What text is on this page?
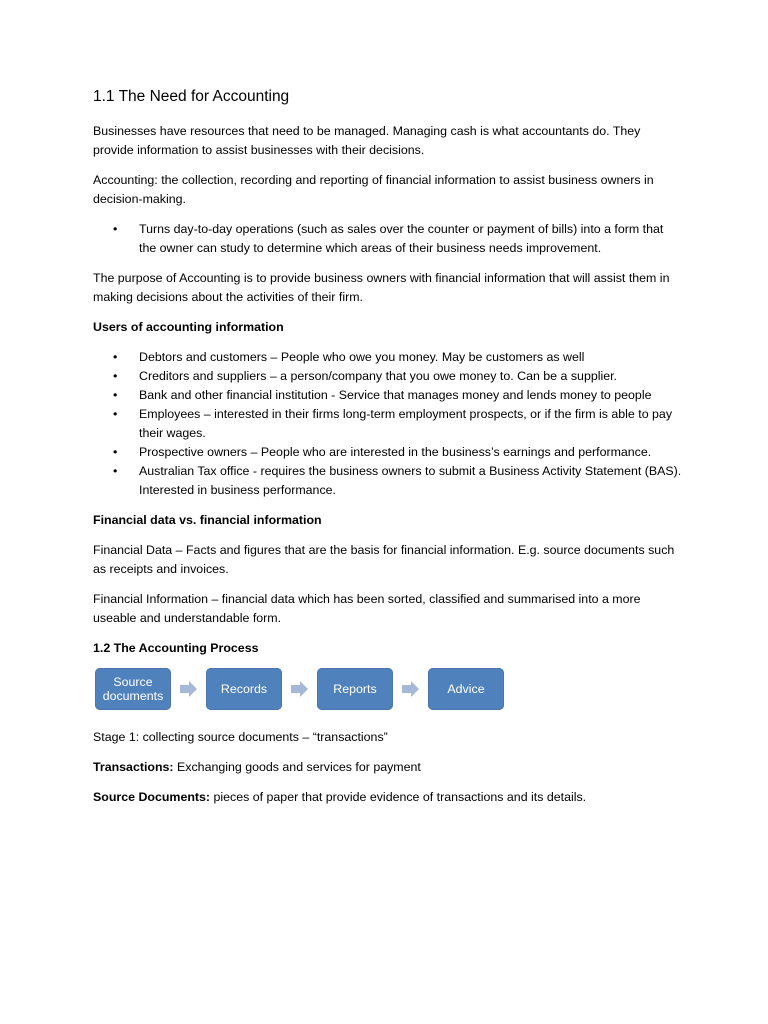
1.1 The Need for Accounting

Businesses have resources that need to be managed. Managing cash is what accountants do. They provide information to assist businesses with their decisions.

Accounting: the collection, recording and reporting of financial information to assist business owners in decision-making.

• Turns day-to-day operations (such as sales over the counter or payment of bills) into a form that the owner can study to determine which areas of their business needs improvement.

The purpose of Accounting is to provide business owners with financial information that will assist them in making decisions about the activities of their firm.

Users of accounting information

• Debtors and customers – People who owe you money. May be customers as well
• Creditors and suppliers – a person/company that you owe money to. Can be a supplier.
• Bank and other financial institution - Service that manages money and lends money to people
• Employees – interested in their firms long-term employment prospects, or if the firm is able to pay their wages.
• Prospective owners – People who are interested in the business’s earnings and performance.
• Australian Tax office - requires the business owners to submit a Business Activity Statement (BAS). Interested in business performance.

Financial data vs. financial information

Financial Data – Facts and figures that are the basis for financial information. E.g. source documents such as receipts and invoices.

Financial Information – financial data which has been sorted, classified and summarised into a more useable and understandable form.

1.2 The Accounting Process

Source documents	Records	Reports	Advice

Stage 1: collecting source documents – “transactions”

Transactions: Exchanging goods and services for payment

Source Documents: pieces of paper that provide evidence of transactions and its details.
